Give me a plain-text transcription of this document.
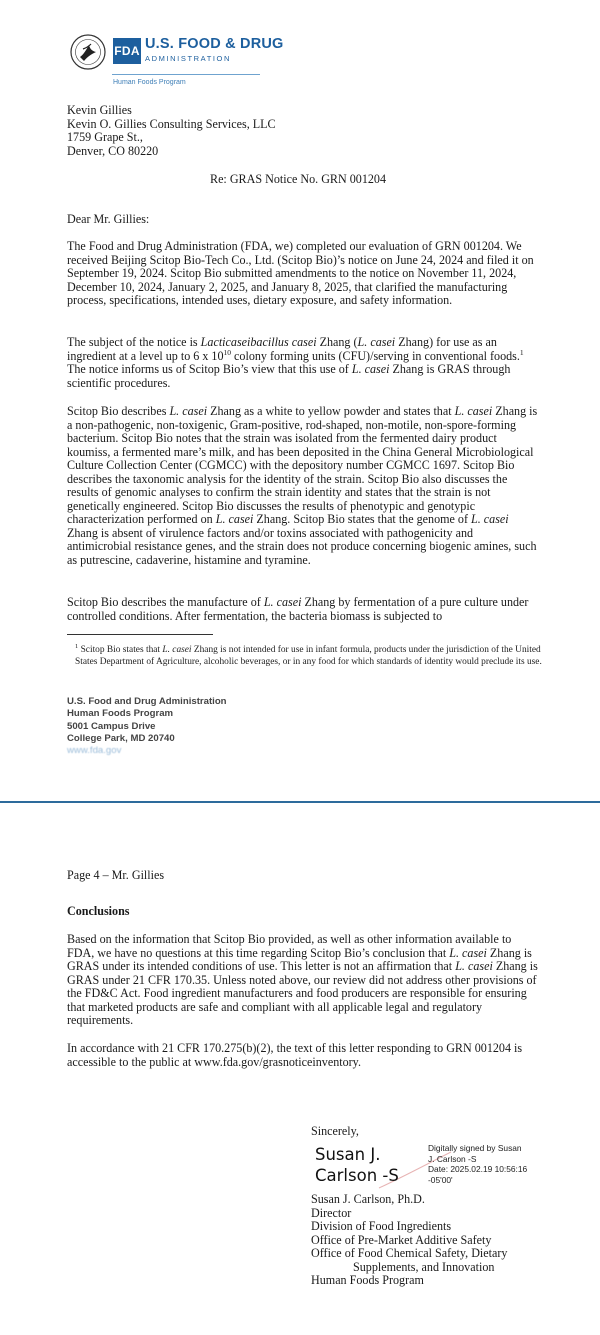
FDA U.S. FOOD & DRUG
ADMINISTRATION
Human Foods Program
Kevin Gillies
Kevin O. Gillies Consulting Services, LLC
1759 Grape St.,
Denver, CO 80220
Re: GRAS Notice No. GRN 001204
Dear Mr. Gillies:
The Food and Drug Administration (FDA, we) completed our evaluation of GRN 001204. We received Beijing Scitop Bio-Tech Co., Ltd. (Scitop Bio)’s notice on June 24, 2024 and filed it on September 19, 2024. Scitop Bio submitted amendments to the notice on November 11, 2024, December 10, 2024, January 2, 2025, and January 8, 2025, that clarified the manufacturing process, specifications, intended uses, dietary exposure, and safety information.
The subject of the notice is Lacticaseibacillus casei Zhang (L. casei Zhang) for use as an ingredient at a level up to 6 x $10^{10}$ colony forming units (CFU)/serving in conventional foods.$^1$ The notice informs us of Scitop Bio’s view that this use of L. casei Zhang is GRAS through scientific procedures.
Scitop Bio describes L. casei Zhang as a white to yellow powder and states that L. casei Zhang is a non-pathogenic, non-toxigenic, Gram-positive, rod-shaped, non-motile, non-spore-forming bacterium. Scitop Bio notes that the strain was isolated from the fermented dairy product koumiss, a fermented mare’s milk, and has been deposited in the China General Microbiological Culture Collection Center (CGMCC) with the depository number CGMCC 1697. Scitop Bio describes the taxonomic analysis for the identity of the strain. Scitop Bio also discusses the results of genomic analyses to confirm the strain identity and states that the strain is not genetically engineered. Scitop Bio discusses the results of phenotypic and genotypic characterization performed on L. casei Zhang. Scitop Bio states that the genome of L. casei Zhang is absent of virulence factors and/or toxins associated with pathogenicity and antimicrobial resistance genes, and the strain does not produce concerning biogenic amines, such as putrescine, cadaverine, histamine and tyramine.
Scitop Bio describes the manufacture of L. casei Zhang by fermentation of a pure culture under controlled conditions. After fermentation, the bacteria biomass is subjected to
$^1$ Scitop Bio states that L. casei Zhang is not intended for use in infant formula, products under the jurisdiction of the United States Department of Agriculture, alcoholic beverages, or in any food for which standards of identity would preclude its use.
U.S. Food and Drug Administration
Human Foods Program
5001 Campus Drive
College Park, MD 20740
www.fda.gov
Page 4 – Mr. Gillies
Conclusions
Based on the information that Scitop Bio provided, as well as other information available to FDA, we have no questions at this time regarding Scitop Bio’s conclusion that L. casei Zhang is GRAS under its intended conditions of use. This letter is not an affirmation that L. casei Zhang is GRAS under 21 CFR 170.35. Unless noted above, our review did not address other provisions of the FD&C Act. Food ingredient manufacturers and food producers are responsible for ensuring that marketed products are safe and compliant with all applicable legal and regulatory requirements.
In accordance with 21 CFR 170.275(b)(2), the text of this letter responding to GRN 001204 is accessible to the public at www.fda.gov/grasnoticeinventory.
Sincerely,
Susan J.
Carlson -S
Digitally signed by Susan
J. Carlson -S
Date: 2025.02.19 10:56:16
-05'00'
Susan J. Carlson, Ph.D.
Director
Division of Food Ingredients
Office of Pre-Market Additive Safety
Office of Food Chemical Safety, Dietary
Supplements, and Innovation
Human Foods Program
